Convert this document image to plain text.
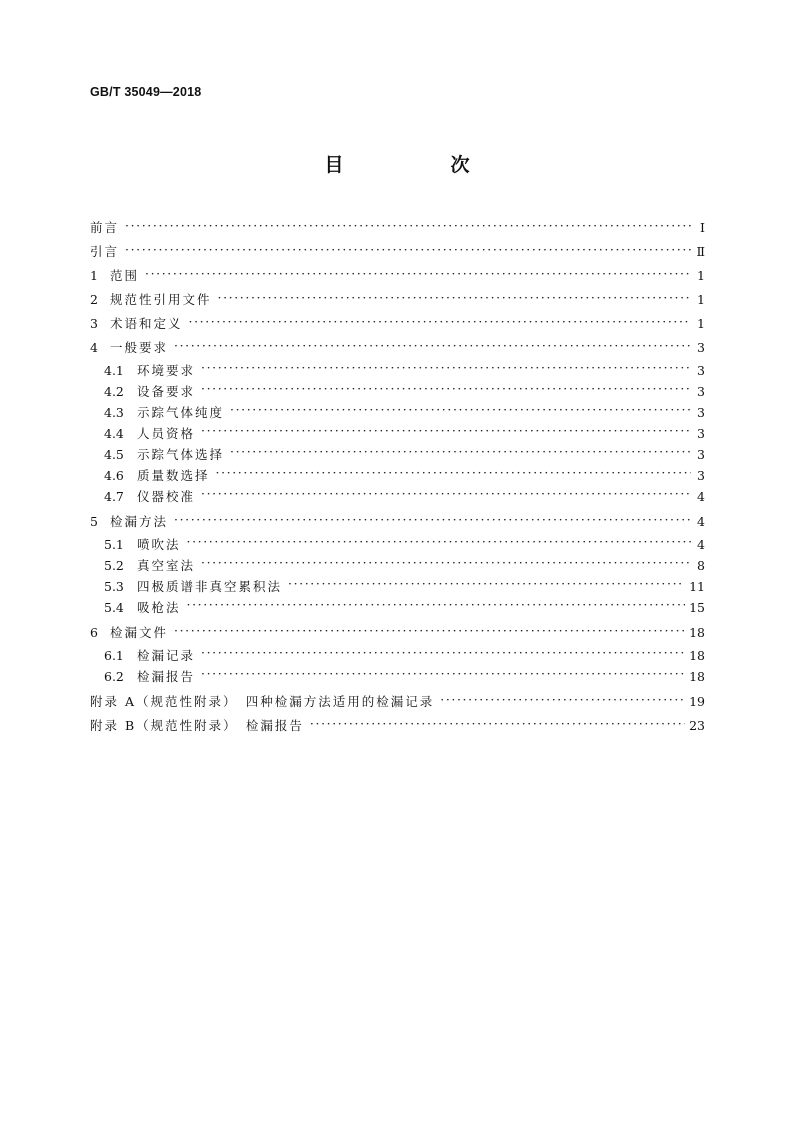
GB/T 35049—2018
目　次
前言 ·····	Ⅰ
引言 ·····	Ⅱ
1 范围 ·····	1
2 规范性引用文件 ·····	1
3 术语和定义 ·····	1
4 一般要求 ·····	3
4.1	环境要求 ·····	3
4.2	设备要求 ·····	3
4.3	示踪气体纯度 ·····	3
4.4	人员资格 ·····	3
4.5	示踪气体选择 ·····	3
4.6	质量数选择 ·····	3
4.7	仪器校准 ·····	4
5 检漏方法 ·····	4
5.1	喷吹法 ·····	4
5.2	真空室法 ·····	8
5.3	四极质谱非真空累积法 ·····	11
5.4	吸枪法 ·····	15
6 检漏文件 ·····	18
6.1	检漏记录 ·····	18
6.2	检漏报告 ·····	18
附录 A（规范性附录）　四种检漏方法适用的检漏记录 ·····	19
附录 B（规范性附录）　检漏报告 ·····	23
